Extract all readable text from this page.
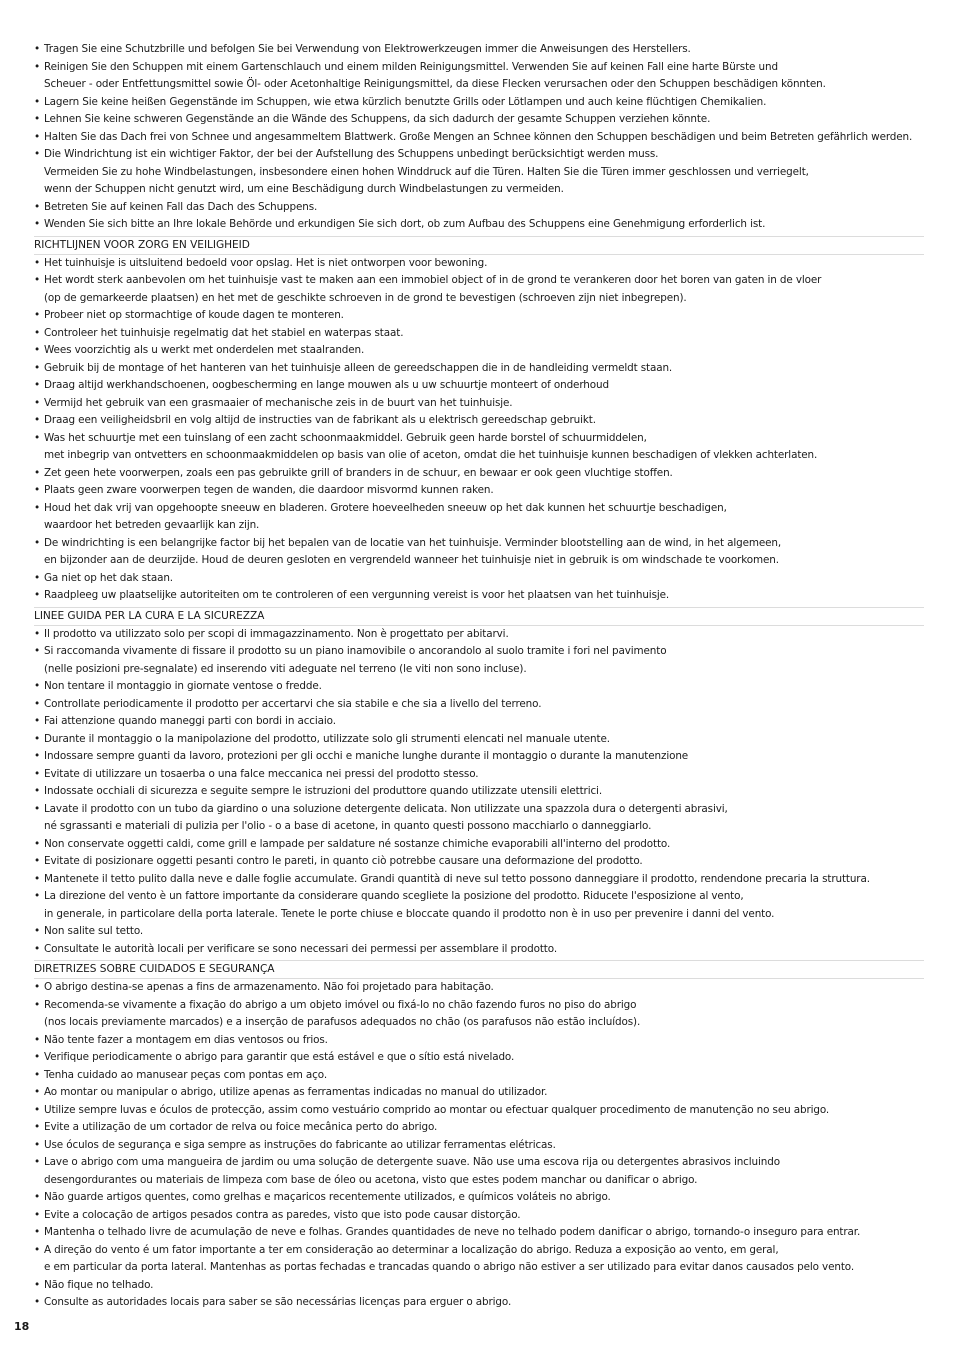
• Tragen Sie eine Schutzbrille und befolgen Sie bei Verwendung von Elektrowerkzeugen immer die Anweisungen des Herstellers.
• Reinigen Sie den Schuppen mit einem Gartenschlauch und einem milden Reinigungsmittel. Verwenden Sie auf keinen Fall eine harte Bürste und
Scheuer - oder Entfettungsmittel sowie Öl- oder Acetonhaltige Reinigungsmittel, da diese Flecken verursachen oder den Schuppen beschädigen könnten.
• Lagern Sie keine heißen Gegenstände im Schuppen, wie etwa kürzlich benutzte Grills oder Lötlampen und auch keine flüchtigen Chemikalien.
• Lehnen Sie keine schweren Gegenstände an die Wände des Schuppens, da sich dadurch der gesamte Schuppen verziehen könnte.
• Halten Sie das Dach frei von Schnee und angesammeltem Blattwerk. Große Mengen an Schnee können den Schuppen beschädigen und beim Betreten gefährlich werden.
• Die Windrichtung ist ein wichtiger Faktor, der bei der Aufstellung des Schuppens unbedingt berücksichtigt werden muss.
Vermeiden Sie zu hohe Windbelastungen, insbesondere einen hohen Winddruck auf die Türen. Halten Sie die Türen immer geschlossen und verriegelt,
wenn der Schuppen nicht genutzt wird, um eine Beschädigung durch Windbelastungen zu vermeiden.
• Betreten Sie auf keinen Fall das Dach des Schuppens.
• Wenden Sie sich bitte an Ihre lokale Behörde und erkundigen Sie sich dort, ob zum Aufbau des Schuppens eine Genehmigung erforderlich ist.
RICHTLIJNEN VOOR ZORG EN VEILIGHEID
• Het tuinhuisje is uitsluitend bedoeld voor opslag. Het is niet ontworpen voor bewoning.
• Het wordt sterk aanbevolen om het tuinhuisje vast te maken aan een immobiel object of in de grond te verankeren door het boren van gaten in de vloer
(op de gemarkeerde plaatsen) en het met de geschikte schroeven in de grond te bevestigen (schroeven zijn niet inbegrepen).
• Probeer niet op stormachtige of koude dagen te monteren.
• Controleer het tuinhuisje regelmatig dat het stabiel en waterpas staat.
• Wees voorzichtig als u werkt met onderdelen met staalranden.
• Gebruik bij de montage of het hanteren van het tuinhuisje alleen de gereedschappen die in de handleiding vermeldt staan.
• Draag altijd werkhandschoenen, oogbescherming en lange mouwen als u uw schuurtje monteert of onderhoud
• Vermijd het gebruik van een grasmaaier of mechanische zeis in de buurt van het tuinhuisje.
• Draag een veiligheidsbril en volg altijd de instructies van de fabrikant als u elektrisch gereedschap gebruikt.
• Was het schuurtje met een tuinslang of een zacht schoonmaakmiddel. Gebruik geen harde borstel of schuurmiddelen,
met inbegrip van ontvetters en schoonmaakmiddelen op basis van olie of aceton, omdat die het tuinhuisje kunnen beschadigen of vlekken achterlaten.
• Zet geen hete voorwerpen, zoals een pas gebruikte grill of branders in de schuur, en bewaar er ook geen vluchtige stoffen.
• Plaats geen zware voorwerpen tegen de wanden, die daardoor misvormd kunnen raken.
• Houd het dak vrij van opgehoopte sneeuw en bladeren. Grotere hoeveelheden sneeuw op het dak kunnen het schuurtje beschadigen,
waardoor het betreden gevaarlijk kan zijn.
• De windrichting is een belangrijke factor bij het bepalen van de locatie van het tuinhuisje. Verminder blootstelling aan de wind, in het algemeen,
en bijzonder aan de deurzijde. Houd de deuren gesloten en vergrendeld wanneer het tuinhuisje niet in gebruik is om windschade te voorkomen.
• Ga niet op het dak staan.
• Raadpleeg uw plaatselijke autoriteiten om te controleren of een vergunning vereist is voor het plaatsen van het tuinhuisje.
LINEE GUIDA PER LA CURA E LA SICUREZZA
• Il prodotto va utilizzato solo per scopi di immagazzinamento. Non è progettato per abitarvi.
• Si raccomanda vivamente di fissare il prodotto su un piano inamovibile o ancorandolo al suolo tramite i fori nel pavimento
(nelle posizioni pre-segnalate) ed inserendo viti adeguate nel terreno (le viti non sono incluse).
• Non tentare il montaggio in giornate ventose o fredde.
• Controllate periodicamente il prodotto per accertarvi che sia stabile e che sia a livello del terreno.
• Fai attenzione quando maneggi parti con bordi in acciaio.
• Durante il montaggio o la manipolazione del prodotto, utilizzate solo gli strumenti elencati nel manuale utente.
• Indossare sempre guanti da lavoro, protezioni per gli occhi e maniche lunghe durante il montaggio o durante la manutenzione
• Evitate di utilizzare un tosaerba o una falce meccanica nei pressi del prodotto stesso.
• Indossate occhiali di sicurezza e seguite sempre le istruzioni del produttore quando utilizzate utensili elettrici.
• Lavate il prodotto con un tubo da giardino o una soluzione detergente delicata. Non utilizzate una spazzola dura o detergenti abrasivi,
né sgrassanti e materiali di pulizia per l'olio - o a base di acetone, in quanto questi possono macchiarlo o danneggiarlo.
• Non conservate oggetti caldi, come grill e lampade per saldature né sostanze chimiche evaporabili all'interno del prodotto.
• Evitate di posizionare oggetti pesanti contro le pareti, in quanto ciò potrebbe causare una deformazione del prodotto.
• Mantenete il tetto pulito dalla neve e dalle foglie accumulate. Grandi quantità di neve sul tetto possono danneggiare il prodotto, rendendone precaria la struttura.
• La direzione del vento è un fattore importante da considerare quando scegliete la posizione del prodotto. Riducete l'esposizione al vento,
in generale, in particolare della porta laterale. Tenete le porte chiuse e bloccate quando il prodotto non è in uso per prevenire i danni del vento.
• Non salite sul tetto.
• Consultate le autorità locali per verificare se sono necessari dei permessi per assemblare il prodotto.
DIRETRIZES SOBRE CUIDADOS E SEGURANÇA
• O abrigo destina-se apenas a fins de armazenamento. Não foi projetado para habitação.
• Recomenda-se vivamente a fixação do abrigo a um objeto imóvel ou fixá-lo no chão fazendo furos no piso do abrigo
(nos locais previamente marcados) e a inserção de parafusos adequados no chão (os parafusos não estão incluídos).
• Não tente fazer a montagem em dias ventosos ou frios.
• Verifique periodicamente o abrigo para garantir que está estável e que o sítio está nivelado.
• Tenha cuidado ao manusear peças com pontas em aço.
• Ao montar ou manipular o abrigo, utilize apenas as ferramentas indicadas no manual do utilizador.
• Utilize sempre luvas e óculos de protecção, assim como vestuário comprido ao montar ou efectuar qualquer procedimento de manutenção no seu abrigo.
• Evite a utilização de um cortador de relva ou foice mecânica perto do abrigo.
• Use óculos de segurança e siga sempre as instruções do fabricante ao utilizar ferramentas elétricas.
• Lave o abrigo com uma mangueira de jardim ou uma solução de detergente suave. Não use uma escova rija ou detergentes abrasivos incluindo
desengordurantes ou materiais de limpeza com base de óleo ou acetona, visto que estes podem manchar ou danificar o abrigo.
• Não guarde artigos quentes, como grelhas e maçaricos recentemente utilizados, e químicos voláteis no abrigo.
• Evite a colocação de artigos pesados contra as paredes, visto que isto pode causar distorção.
• Mantenha o telhado livre de acumulação de neve e folhas. Grandes quantidades de neve no telhado podem danificar o abrigo, tornando-o inseguro para entrar.
• A direção do vento é um fator importante a ter em consideração ao determinar a localização do abrigo. Reduza a exposição ao vento, em geral,
e em particular da porta lateral. Mantenhas as portas fechadas e trancadas quando o abrigo não estiver a ser utilizado para evitar danos causados pelo vento.
• Não fique no telhado.
• Consulte as autoridades locais para saber se são necessárias licenças para erguer o abrigo.
18
